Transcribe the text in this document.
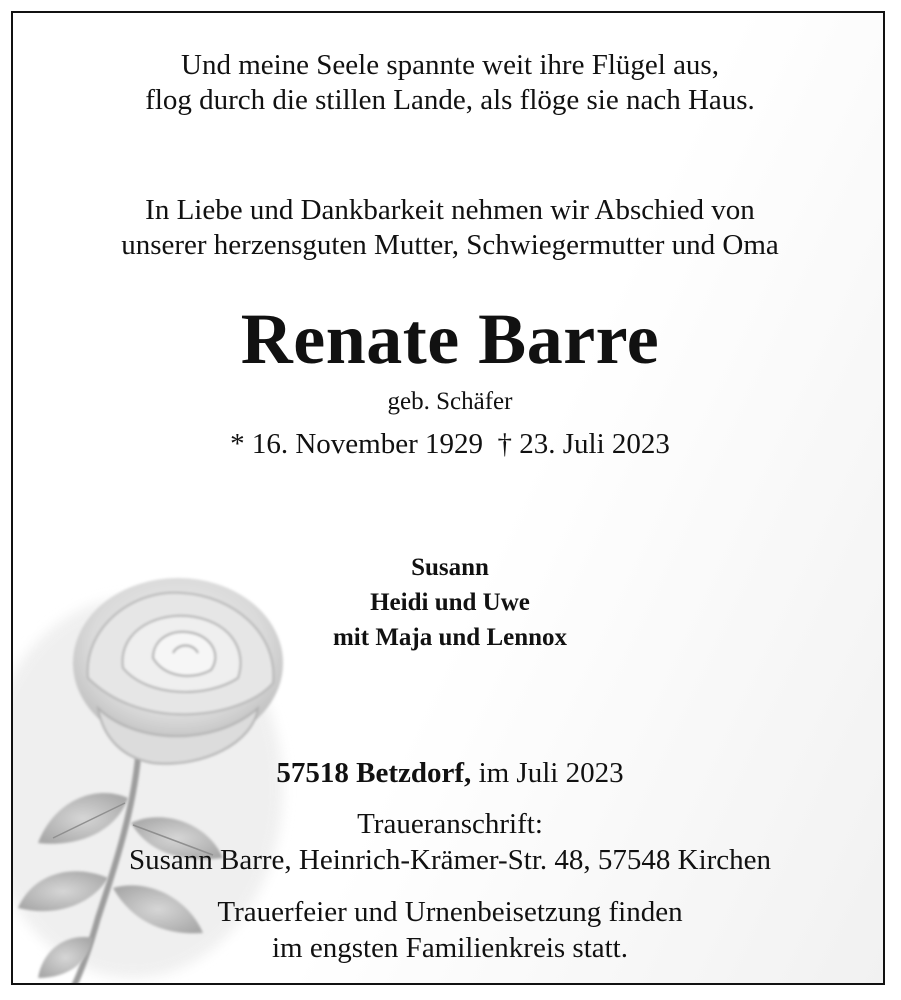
Und meine Seele spannte weit ihre Flügel aus,
flog durch die stillen Lande, als flöge sie nach Haus.
In Liebe und Dankbarkeit nehmen wir Abschied von
unserer herzensguten Mutter, Schwiegermutter und Oma
Renate Barre
geb. Schäfer
* 16. November 1929  † 23. Juli 2023
Susann
Heidi und Uwe
mit Maja und Lennox
57518 Betzdorf, im Juli 2023
Traueranschrift:
Susann Barre, Heinrich-Krämer-Str. 48, 57548 Kirchen
Trauerfeier und Urnenbeisetzung finden
im engsten Familienkreis statt.
